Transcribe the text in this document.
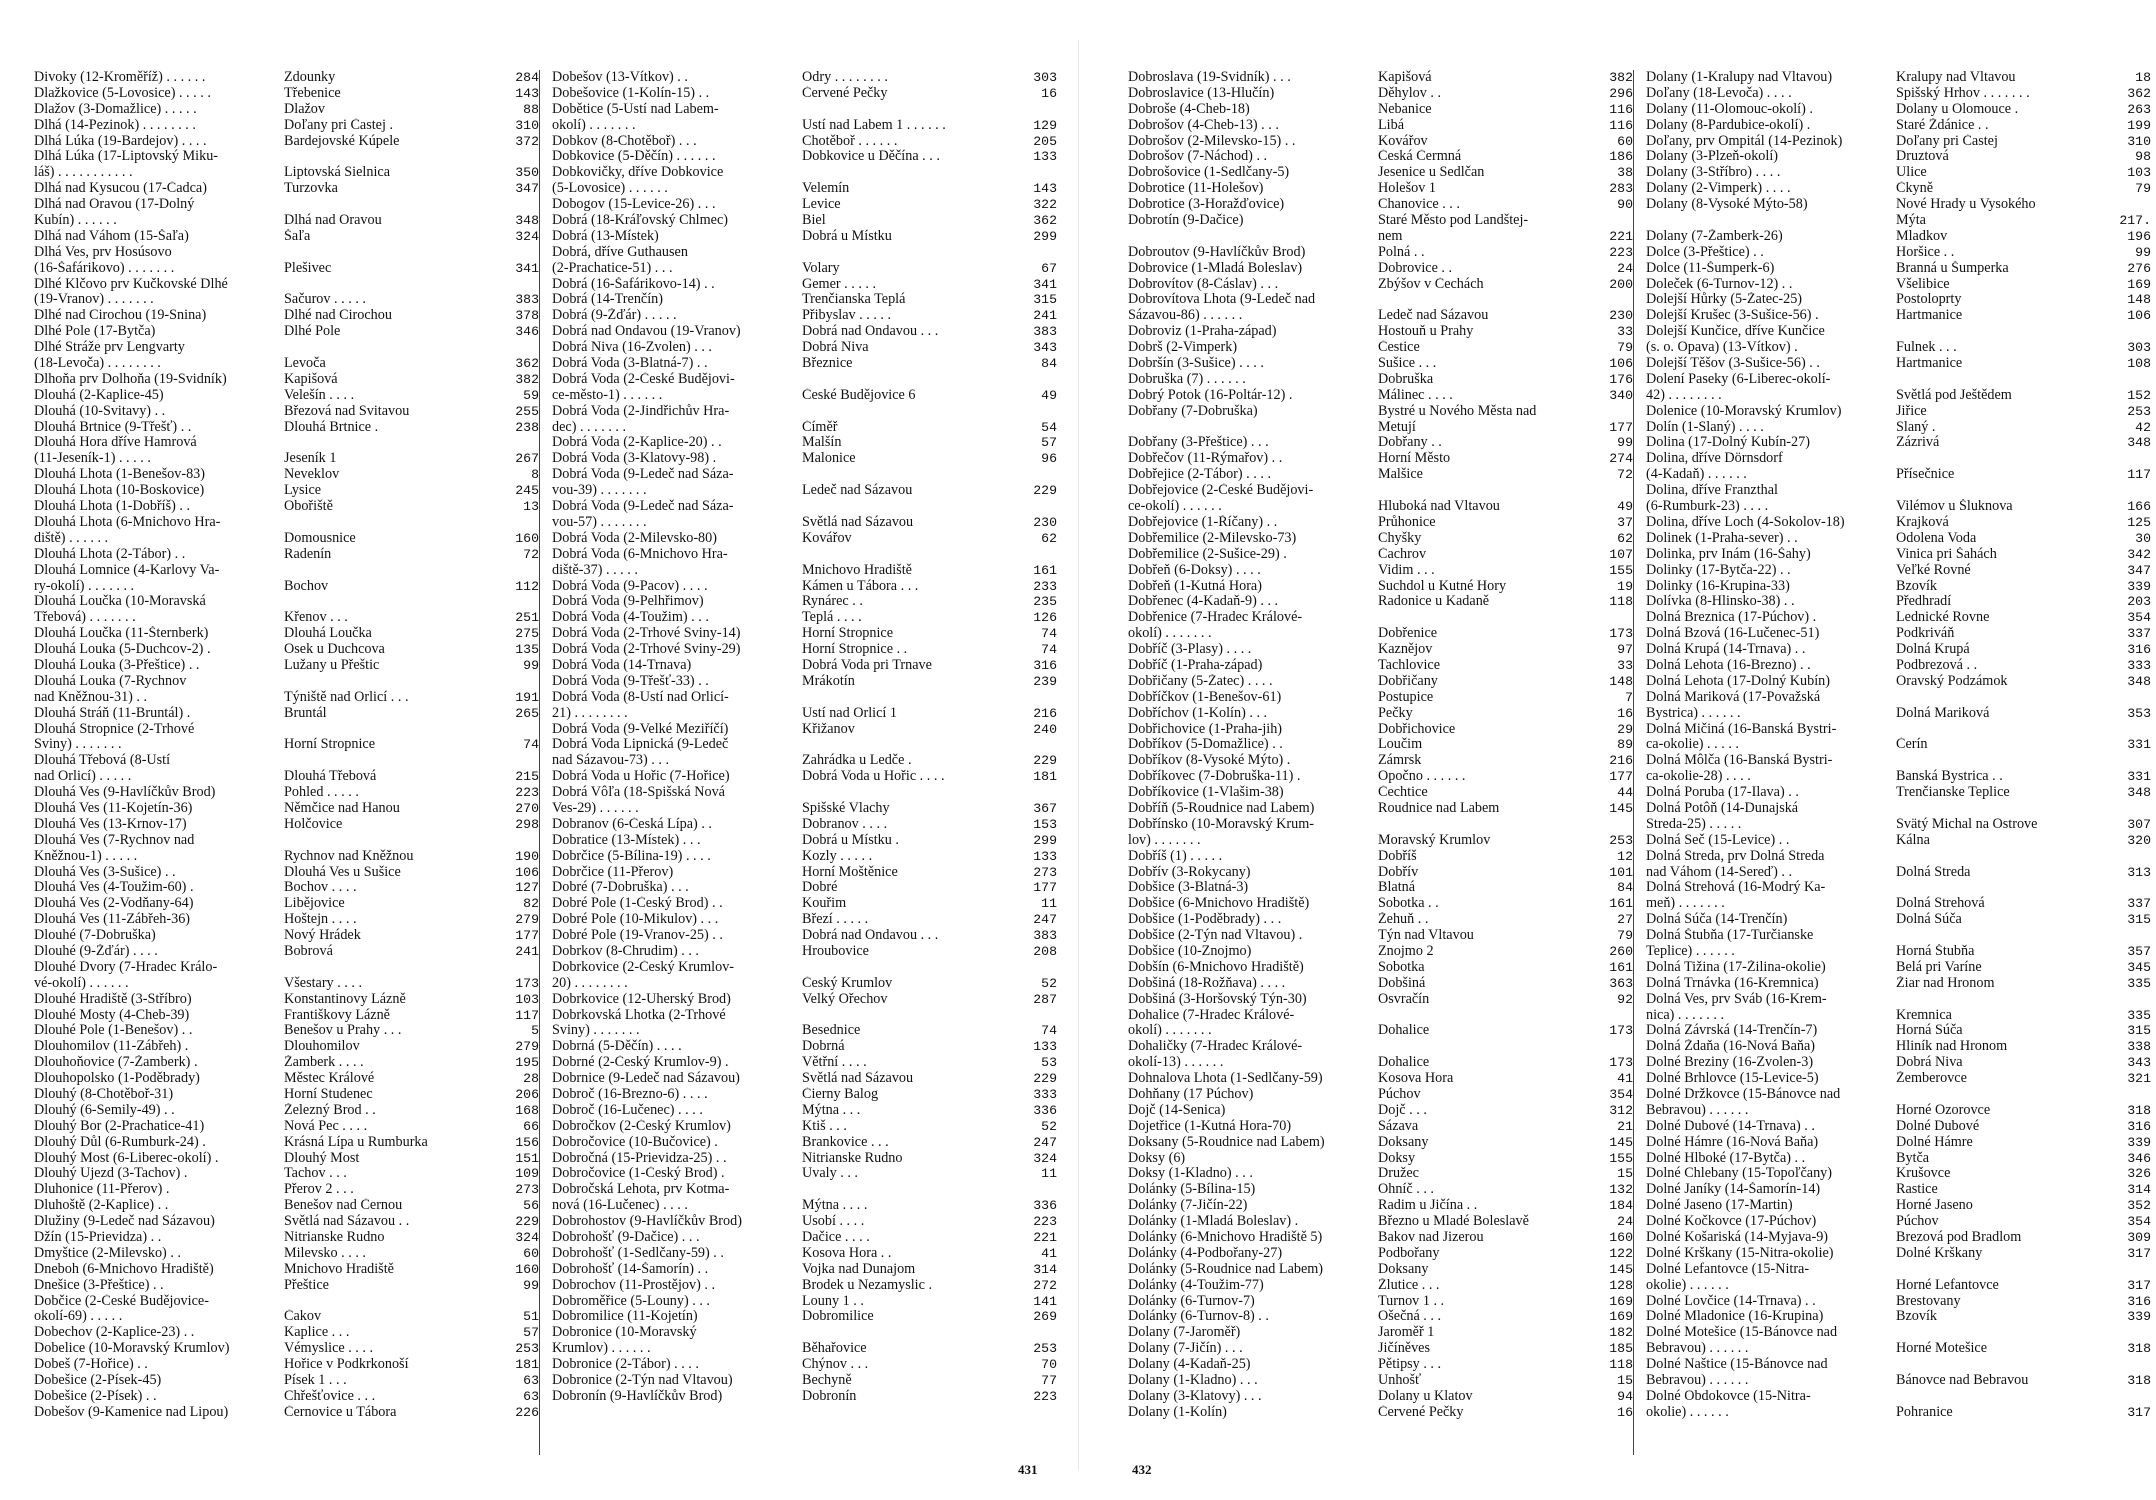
Divoky (12-Kroměříž) . . . . . .	Zdounky	284
Dlažkovice (5-Lovosice) . . . . .	Třebenice	143
Dlažov (3-Domažlice) . . . . .	Dlažov	88
Dlhá (14-Pezinok) . . . . . . . .	Doľany pri Častej .	310
Dlhá Lúka (19-Bardejov) . . . .	Bardejovské Kúpele	372
Dlhá Lúka (17-Liptovský Miku-
láš) . . . . . . . . . . .	Liptovská Sielnica	350
Dlhá nad Kysucou (17-Čadca)	Turzovka	347
Dlhá nad Oravou (17-Dolný
Kubín) . . . . . .	Dlhá nad Oravou	348
Dlhá nad Váhom (15-Šaľa)	Šaľa	324
Dlhá Ves, prv Hosúsovo
(16-Šafárikovo) . . . . . . .	Plešivec	341
Dlhé Klčovo prv Kučkovské Dlhé
(19-Vranov) . . . . . . .	Sačurov . . . . .	383
Dlhé nad Cirochou (19-Snina)	Dlhé nad Cirochou	378
Dlhé Pole (17-Bytča)	Dlhé Pole	346
Dlhé Stráže prv Lengvarty
(18-Levoča) . . . . . . . .	Levoča	362
Dlhoňa prv Dolhoňa (19-Svidník)	Kapišová	382
Dlouhá (2-Kaplice-45)	Velešín . . . .	59
Dlouhá (10-Svitavy) . .	Březová nad Svitavou	255
Dlouhá Brtnice (9-Třešť) . .	Dlouhá Brtnice .	238
Dlouhá Hora dříve Hamrová
(11-Jeseník-1) . . . . .	Jeseník 1	267
Dlouhá Lhota (1-Benešov-83)	Neveklov	8
Dlouhá Lhota (10-Boskovice)	Lysice	245
Dlouhá Lhota (1-Dobříš) . .	Obořiště	13
Dlouhá Lhota (6-Mnichovo Hra-
diště) . . . . . .	Domousnice	160
Dlouhá Lhota (2-Tábor) . .	Radenín	72
Dlouhá Lomnice (4-Karlovy Va-
ry-okolí) . . . . . . .	Bochov	112
Dlouhá Loučka (10-Moravská
Třebová) . . . . . . .	Křenov . . .	251
Dlouhá Loučka (11-Šternberk)	Dlouhá Loučka	275
Dlouhá Louka (5-Duchcov-2) .	Osek u Duchcova	135
Dlouhá Louka (3-Přeštice) . .	Lužany u Přeštic	99
Dlouhá Louka (7-Rychnov
nad Kněžnou-31) . .	Týniště nad Orlicí . . .	191
Dlouhá Stráň (11-Bruntál) .	Bruntál	265
Dlouhá Stropnice (2-Trhové
Sviny) . . . . . . .	Horní Stropnice	74
Dlouhá Třebová (8-Ústí
nad Orlicí) . . . . .	Dlouhá Třebová	215
Dlouhá Ves (9-Havlíčkův Brod)	Pohled . . . . .	223
Dlouhá Ves (11-Kojetín-36)	Němčice nad Hanou	270
Dlouhá Ves (13-Krnov-17)	Holčovice	298
Dlouhá Ves (7-Rychnov nad
Kněžnou-1) . . . . .	Rychnov nad Kněžnou	190
Dlouhá Ves (3-Sušice) . .	Dlouhá Ves u Sušice	106
Dlouhá Ves (4-Toužim-60) .	Bochov . . . .	127
Dlouhá Ves (2-Vodňany-64)	Libějovice	82
Dlouhá Ves (11-Zábřeh-36)	Hoštejn . . . .	279
Dlouhé (7-Dobruška)	Nový Hrádek	177
Dlouhé (9-Žďár) . . . .	Bobrová	241
Dlouhé Dvory (7-Hradec Králo-
vé-okolí) . . . . . .	Všestary . . . .	173
Dlouhé Hradiště (3-Stříbro)	Konstantinovy Lázně	103
Dlouhé Mosty (4-Cheb-39)	Františkovy Lázně	117
Dlouhé Pole (1-Benešov) . .	Benešov u Prahy . . .	5
Dlouhomilov (11-Zábřeh) .	Dlouhomilov	279
Dlouhoňovice (7-Žamberk) .	Žamberk . . . .	195
Dlouhopolsko (1-Poděbrady)	Městec Králové	28
Dlouhý (8-Chotěboř-31)	Horní Studenec	206
Dlouhý (6-Semily-49) . .	Železný Brod . .	168
Dlouhý Bor (2-Prachatice-41)	Nová Pec . . . .	66
Dlouhý Důl (6-Rumburk-24) .	Krásná Lípa u Rumburka	156
Dlouhý Most (6-Liberec-okolí) .	Dlouhý Most	151
Dlouhý Újezd (3-Tachov) .	Tachov . . .	109
Dluhonice (11-Přerov) .	Přerov 2 . . .	273
Dluhoště (2-Kaplice) . .	Benešov nad Černou	56
Dlužiny (9-Ledeč nad Sázavou)	Světlá nad Sázavou . .	229
Džín (15-Prievidza) . .	Nitrianske Rudno	324
Dmyštice (2-Milevsko) . .	Milevsko . . . .	60
Dneboh (6-Mnichovo Hradiště)	Mnichovo Hradiště	160
Dnešice (3-Přeštice) . .	Přeštice	99
Dobčice (2-České Budějovice-
okolí-69) . . . . .	Čakov	51
Dobechov (2-Kaplice-23) . .	Kaplice . . .	57
Dobelice (10-Moravský Krumlov)	Vémyslice . . . .	253
Dobeš (7-Hořice) . .	Hořice v Podkrkonoší	181
Dobešice (2-Písek-45)	Písek 1 . . .	63
Dobešice (2-Písek) . .	Chřešťovice . . .	63
Dobešov (9-Kamenice nad Lipou)	Černovice u Tábora	226
Dobešov (13-Vítkov) . .	Odry . . . . . . . .	303
Dobešovice (1-Kolín-15) . .	Červené Pečky	16
Dobětice (5-Ústí nad Labem-
okolí) . . . . . . .	Ústí nad Labem 1 . . . . . .	129
Dobkov (8-Chotěboř) . . .	Chotěboř . . . . . .	205
Dobkovice (5-Děčín) . . . . . .	Dobkovice u Děčína . . .	133
Dobkovičky, dříve Dobkovice
(5-Lovosice) . . . . . .	Velemín	143
Dobogov (15-Levice-26) . . .	Levice	322
Dobrá (18-Kráľovský Chlmec)	Biel	362
Dobrá (13-Místek)	Dobrá u Místku	299
Dobrá, dříve Guthausen
(2-Prachatice-51) . . .	Volary	67
Dobrá (16-Šafárikovo-14) . .	Gemer . . . . .	341
Dobrá (14-Trenčín)	Trenčianska Teplá	315
Dobrá (9-Žďár) . . . . .	Přibyslav . . . . .	241
Dobrá nad Ondavou (19-Vranov)	Dobrá nad Ondavou . . .	383
Dobrá Niva (16-Zvolen) . . .	Dobrá Niva	343
Dobrá Voda (3-Blatná-7) . .	Březnice	84
Dobrá Voda (2-České Budějovi-
ce-město-1) . . . . . .	České Budějovice 6	49
Dobrá Voda (2-Jindřichův Hra-
dec) . . . . . . .	Číměř	54
Dobrá Voda (2-Kaplice-20) . .	Malšín	57
Dobrá Voda (3-Klatovy-98) .	Malonice	96
Dobrá Voda (9-Ledeč nad Sáza-
vou-39) . . . . . . .	Ledeč nad Sázavou	229
Dobrá Voda (9-Ledeč nad Sáza-
vou-57) . . . . . . .	Světlá nad Sázavou	230
Dobrá Voda (2-Milevsko-80)	Kovářov	62
Dobrá Voda (6-Mnichovo Hra-
diště-37) . . . . .	Mnichovo Hradiště	161
Dobrá Voda (9-Pacov) . . . .	Kámen u Tábora . . .	233
Dobrá Voda (9-Pelhřimov)	Rynárec . .	235
Dobrá Voda (4-Toužim) . . .	Teplá . . . .	126
Dobrá Voda (2-Trhové Sviny-14)	Horní Stropnice	74
Dobrá Voda (2-Trhové Sviny-29)	Horní Stropnice . .	74
Dobrá Voda (14-Trnava)	Dobrá Voda pri Trnave	316
Dobrá Voda (9-Třešť-33) . .	Mrákotín	239
Dobrá Voda (8-Ústí nad Orlicí-
21) . . . . . . . .	Ústí nad Orlicí 1	216
Dobrá Voda (9-Velké Meziříčí)	Křižanov	240
Dobrá Voda Lipnická (9-Ledeč
nad Sázavou-73) . . .	Zahrádka u Ledče .	229
Dobrá Voda u Hořic (7-Hořice)	Dobrá Voda u Hořic . . . .	181
Dobrá Vôľa (18-Spišská Nová
Ves-29) . . . . . .	Spišské Vlachy	367
Dobranov (6-Česká Lípa) . .	Dobranov . . . .	153
Dobratice (13-Místek) . . .	Dobrá u Místku .	299
Dobrčice (5-Bílina-19) . . . .	Kozly . . . . .	133
Dobrčice (11-Přerov)	Horní Moštěnice	273
Dobré (7-Dobruška) . . .	Dobré	177
Dobré Pole (1-Český Brod) . .	Kouřim	11
Dobré Pole (10-Mikulov) . . .	Březí . . . . .	247
Dobré Pole (19-Vranov-25) . .	Dobrá nad Ondavou . . .	383
Dobrkov (8-Chrudim) . . .	Hroubovice	208
Dobrkovice (2-Český Krumlov-
20) . . . . . . . .	Český Krumlov	52
Dobrkovice (12-Uherský Brod)	Velký Ořechov	287
Dobrkovská Lhotka (2-Trhové
Sviny) . . . . . . .	Besednice	74
Dobrná (5-Děčín) . . . .	Dobrná	133
Dobrné (2-Český Krumlov-9) .	Větřní . . . .	53
Dobrnice (9-Ledeč nad Sázavou)	Světlá nad Sázavou	229
Dobroč (16-Brezno-6) . . . .	Čierny Balog	333
Dobroč (16-Lučenec) . . . .	Mýtna . . .	336
Dobročkov (2-Český Krumlov)	Ktiš . . .	52
Dobročovice (10-Bučovice) .	Brankovice . . .	247
Dobročná (15-Prievidza-25) . .	Nitrianske Rudno	324
Dobročovice (1-Český Brod) .	Úvaly . . .	11
Dobročská Lehota, prv Kotma-
nová (16-Lučenec) . . . .	Mýtna . . . .	336
Dobrohostov (9-Havlíčkův Brod)	Úsobí . . . .	223
Dobrohošť (9-Dačice) . . .	Dačice . . . .	221
Dobrohošť (1-Sedlčany-59) . .	Kosova Hora . .	41
Dobrohošť (14-Šamorín) . .	Vojka nad Dunajom	314
Dobrochov (11-Prostějov) . .	Brodek u Nezamyslic .	272
Dobroměřice (5-Louny) . . .	Louny 1 . .	141
Dobromilice (11-Kojetín)	Dobromilice	269
Dobronice (10-Moravský
Krumlov) . . . . . .	Běhařovice	253
Dobronice (2-Tábor) . . . .	Chýnov . . .	70
Dobronice (2-Týn nad Vltavou)	Bechyně	77
Dobronín (9-Havlíčkův Brod)	Dobronín	223
Dobroslava (19-Svidník) . . .	Kapišová	382
Dobroslavice (13-Hlučín)	Děhylov . .	296
Dobroše (4-Cheb-18)	Nebanice	116
Dobrošov (4-Cheb-13) . . .	Libá	116
Dobrošov (2-Milevsko-15) . .	Kovářov	60
Dobrošov (7-Náchod) . .	Česká Čermná	186
Dobrošovice (1-Sedlčany-5)	Jesenice u Sedlčan	38
Dobrotice (11-Holešov)	Holešov 1	283
Dobrotice (3-Horažďovice)	Chanovice . . .	90
Dobrotín (9-Dačice)	Staré Město pod Landštej-
nem	221
Dobroutov (9-Havlíčkův Brod)	Polná . .	223
Dobrovice (1-Mladá Boleslav)	Dobrovice . .	24
Dobrovítov (8-Čáslav) . . .	Zbýšov v Čechách	200
Dobrovítova Lhota (9-Ledeč nad
Sázavou-86) . . . . . .	Ledeč nad Sázavou	230
Dobroviz (1-Praha-západ)	Hostouň u Prahy	33
Dobrš (2-Vimperk)	Čestice	79
Dobršín (3-Sušice) . . . .	Sušice . . .	106
Dobruška (7) . . . . . .	Dobruška	176
Dobrý Potok (16-Poltár-12) .	Málinec . . . .	340
Dobřany (7-Dobruška)	Bystré u Nového Města nad
Metují	177
Dobřany (3-Přeštice) . . .	Dobřany . .	99
Dobřečov (11-Rýmařov) . .	Horní Město	274
Dobřejice (2-Tábor) . . . .	Malšice	72
Dobřejovice (2-České Budějovi-
ce-okolí) . . . . . .	Hluboká nad Vltavou	49
Dobřejovice (1-Říčany) . .	Průhonice	37
Dobřemilice (2-Milevsko-73)	Chyšky	62
Dobřemilice (2-Sušice-29) .	Čachrov	107
Dobřeň (6-Doksy) . . . .	Vidim . . .	155
Dobřeň (1-Kutná Hora)	Suchdol u Kutné Hory	19
Dobřenec (4-Kadaň-9) . . .	Radonice u Kadaně	118
Dobřenice (7-Hradec Králové-
okolí) . . . . . . .	Dobřenice	173
Dobříč (3-Plasy) . . . .	Kaznějov	97
Dobříč (1-Praha-západ)	Tachlovice	33
Dobřičany (5-Žatec) . . . .	Dobřičany	148
Dobříčkov (1-Benešov-61)	Postupice	7
Dobříchov (1-Kolín) . . .	Pečky	16
Dobřichovice (1-Praha-jih)	Dobřichovice	29
Dobříkov (5-Domažlice) . .	Loučim	89
Dobříkov (8-Vysoké Mýto) .	Zámrsk	216
Dobříkovec (7-Dobruška-11) .	Opočno . . . . . .	177
Dobříkovice (1-Vlašim-38)	Čechtice	44
Dobříň (5-Roudnice nad Labem)	Roudnice nad Labem	145
Dobřínsko (10-Moravský Krum-
lov) . . . . . . .	Moravský Krumlov	253
Dobříš (1) . . . . .	Dobříš	12
Dobřív (3-Rokycany)	Dobřív	101
Dobšice (3-Blatná-3)	Blatná	84
Dobšice (6-Mnichovo Hradiště)	Sobotka . .	161
Dobšice (1-Poděbrady) . . .	Žehuň . .	27
Dobšice (2-Týn nad Vltavou) .	Týn nad Vltavou	79
Dobšice (10-Znojmo)	Znojmo 2	260
Dobšín (6-Mnichovo Hradiště)	Sobotka	161
Dobšiná (18-Rožňava) . . . .	Dobšiná	363
Dobšiná (3-Horšovský Týn-30)	Osvračín	92
Dohalice (7-Hradec Králové-
okolí) . . . . . . .	Dohalice	173
Dohaličky (7-Hradec Králové-
okolí-13) . . . . . .	Dohalice	173
Dohnalova Lhota (1-Sedlčany-59)	Kosova Hora	41
Dohňany (17 Púchov)	Púchov	354
Dojč (14-Senica)	Dojč . . .	312
Dojetřice (1-Kutná Hora-70)	Sázava	21
Doksany (5-Roudnice nad Labem)	Doksany	145
Doksy (6)	Doksy	155
Doksy (1-Kladno) . . .	Družec	15
Dolánky (5-Bílina-15)	Ohníč . . .	132
Dolánky (7-Jičín-22)	Radim u Jičína . .	184
Dolánky (1-Mladá Boleslav) .	Březno u Mladé Boleslavě	24
Dolánky (6-Mnichovo Hradiště 5)	Bakov nad Jizerou	160
Dolánky (4-Podbořany-27)	Podbořany	122
Dolánky (5-Roudnice nad Labem)	Doksany	145
Dolánky (4-Toužim-77)	Žlutice . . .	128
Dolánky (6-Turnov-7)	Turnov 1 . .	169
Dolánky (6-Turnov-8) . .	Ošečná . . .	169
Dolany (7-Jaroměř)	Jaroměř 1	182
Dolany (7-Jičín) . . .	Jičíněves	185
Dolany (4-Kadaň-25)	Pětipsy . . .	118
Dolany (1-Kladno) . . .	Unhošť	15
Dolany (3-Klatovy) . . .	Dolany u Klatov	94
Dolany (1-Kolín)	Červené Pečky	16
Dolany (1-Kralupy nad Vltavou)	Kralupy nad Vltavou	18
Doľany (18-Levoča) . . . .	Spišský Hrhov . . . . . . .	362
Dolany (11-Olomouc-okolí) .	Dolany u Olomouce .	263
Dolany (8-Pardubice-okolí) .	Staré Ždánice . .	199
Doľany, prv Ompitál (14-Pezinok)	Doľany pri Častej	310
Dolany (3-Plzeň-okolí)	Druztová	98
Dolany (3-Stříbro) . . . .	Úlice	103
Dolany (2-Vimperk) . . . .	Čkyně	79
Dolany (8-Vysoké Mýto-58)	Nové Hrady u Vysokého
Mýta	217.
Dolany (7-Žamberk-26)	Mladkov	196
Dolce (3-Přeštice) . .	Horšice . .	99
Dolce (11-Šumperk-6)	Branná u Šumperka	276
Doleček (6-Turnov-12) . .	Všelibice	169
Dolejší Hůrky (5-Žatec-25)	Postoloprty	148
Dolejší Krušec (3-Sušice-56) .	Hartmanice	106
Dolejší Kunčice, dříve Kunčice
(s. o. Opava) (13-Vítkov) .	Fulnek . . .	303
Dolejší Těšov (3-Sušice-56) . .	Hartmanice	108
Dolení Paseky (6-Liberec-okolí-
42) . . . . . . . .	Světlá pod Ještědem	152
Dolenice (10-Moravský Krumlov)	Jiřice	253
Dolín (1-Slaný) . . . .	Slaný .	42
Dolina (17-Dolný Kubín-27)	Zázrivá	348
Dolina, dříve Dörnsdorf
(4-Kadaň) . . . . . .	Přísečnice	117
Dolina, dříve Franzthal
(6-Rumburk-23) . . . .	Vilémov u Šluknova	166
Dolina, dříve Loch (4-Sokolov-18)	Krajková	125
Dolinek (1-Praha-sever) . .	Odolena Voda	30
Dolinka, prv Inám (16-Šahy)	Vinica pri Šahách	342
Dolinky (17-Bytča-22) . .	Veľké Rovné	347
Dolinky (16-Krupina-33)	Bzovík	339
Dolívka (8-Hlinsko-38) . .	Předhradí	203
Dolná Breznica (17-Púchov) .	Lednické Rovne	354
Dolná Bzová (16-Lučenec-51)	Podkriváň	337
Dolná Krupá (14-Trnava) . .	Dolná Krupá	316
Dolná Lehota (16-Brezno) . .	Podbrezová . .	333
Dolná Lehota (17-Dolný Kubín)	Oravský Podzámok	348
Dolná Mariková (17-Považská
Bystrica) . . . . . .	Dolná Mariková	353
Dolná Mičiná (16-Banská Bystri-
ca-okolie) . . . . .	Čerín	331
Dolná Môlča (16-Banská Bystri-
ca-okolie-28) . . . .	Banská Bystrica . .	331
Dolná Poruba (17-Ilava) . .	Trenčianske Teplice	348
Dolná Potôň (14-Dunajská
Streda-25) . . . . .	Svätý Michal na Ostrove	307
Dolná Seč (15-Levice) . .	Kálna	320
Dolná Streda, prv Dolná Streda
nad Váhom (14-Sereď) . .	Dolná Streda	313
Dolná Strehová (16-Modrý Ka-
meň) . . . . . . .	Dolná Strehová	337
Dolná Súča (14-Trenčín)	Dolná Súča	315
Dolná Štubňa (17-Turčianske
Teplice) . . . . . .	Horná Štubňa	357
Dolná Tižina (17-Žilina-okolie)	Belá pri Varíne	345
Dolná Trnávka (16-Kremnica)	Žiar nad Hronom	335
Dolná Ves, prv Sváb (16-Krem-
nica) . . . . . . .	Kremnica	335
Dolná Závrská (14-Trenčín-7)	Horná Súča	315
Dolná Ždaňa (16-Nová Baňa)	Hliník nad Hronom	338
Dolné Breziny (16-Zvolen-3)	Dobrá Niva	343
Dolné Brhlovce (15-Levice-5)	Žemberovce	321
Dolné Držkovce (15-Bánovce nad
Bebravou) . . . . . .	Horné Ozorovce	318
Dolné Dubové (14-Trnava) . .	Dolné Dubové	316
Dolné Hámre (16-Nová Baňa)	Dolné Hámre	339
Dolné Hlboké (17-Bytča) . .	Bytča	346
Dolné Chlebany (15-Topoľčany)	Krušovce	326
Dolné Janíky (14-Šamorín-14)	Rastice	314
Dolné Jaseno (17-Martin)	Horné Jaseno	352
Dolné Kočkovce (17-Púchov)	Púchov	354
Dolné Košariská (14-Myjava-9)	Brezová pod Bradlom	309
Dolné Krškany (15-Nitra-okolie)	Dolné Krškany	317
Dolné Lefantovce (15-Nitra-
okolie) . . . . . .	Horné Lefantovce	317
Dolné Lovčice (14-Trnava) . .	Brestovany	316
Dolné Mladonice (16-Krupina)	Bzovík	339
Dolné Motešice (15-Bánovce nad
Bebravou) . . . . . .	Horné Motešice	318
Dolné Naštice (15-Bánovce nad
Bebravou) . . . . . .	Bánovce nad Bebravou	318
Dolné Obdokovce (15-Nitra-
okolie) . . . . . .	Pohranice	317
431	432
